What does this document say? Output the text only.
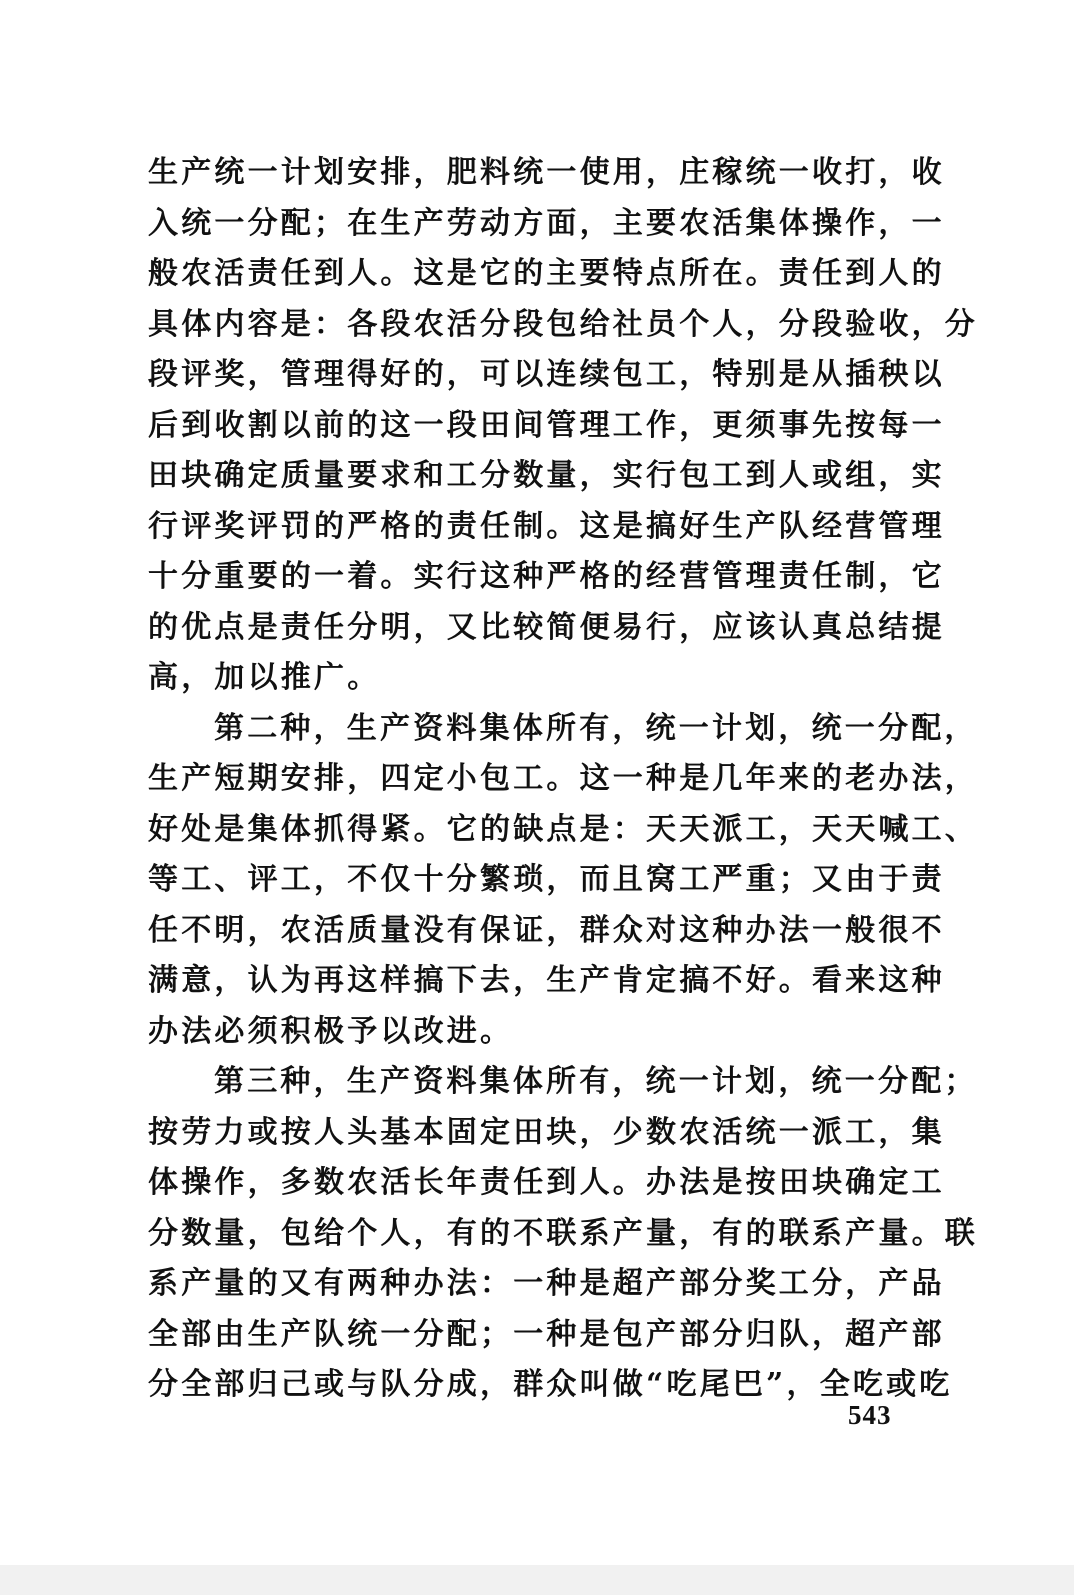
生产统一计划安排，肥料统一使用，庄稼统一收打，收
入统一分配；在生产劳动方面，主要农活集体操作，一
般农活责任到人。这是它的主要特点所在。责任到人的
具体内容是：各段农活分段包给社员个人，分段验收，分
段评奖，管理得好的，可以连续包工，特别是从插秧以
后到收割以前的这一段田间管理工作，更须事先按每一
田块确定质量要求和工分数量，实行包工到人或组，实
行评奖评罚的严格的责任制。这是搞好生产队经营管理
十分重要的一着。实行这种严格的经营管理责任制，它
的优点是责任分明，又比较简便易行，应该认真总结提
高，加以推广。
第二种，生产资料集体所有，统一计划，统一分配，
生产短期安排，四定小包工。这一种是几年来的老办法，
好处是集体抓得紧。它的缺点是：天天派工，天天喊工、
等工、评工，不仅十分繁琐，而且窝工严重；又由于责
任不明，农活质量没有保证，群众对这种办法一般很不
满意，认为再这样搞下去，生产肯定搞不好。看来这种
办法必须积极予以改进。
第三种，生产资料集体所有，统一计划，统一分配；
按劳力或按人头基本固定田块，少数农活统一派工，集
体操作，多数农活长年责任到人。办法是按田块确定工
分数量，包给个人，有的不联系产量，有的联系产量。联
系产量的又有两种办法：一种是超产部分奖工分，产品
全部由生产队统一分配；一种是包产部分归队，超产部
分全部归己或与队分成，群众叫做“吃尾巴”，全吃或吃
543
